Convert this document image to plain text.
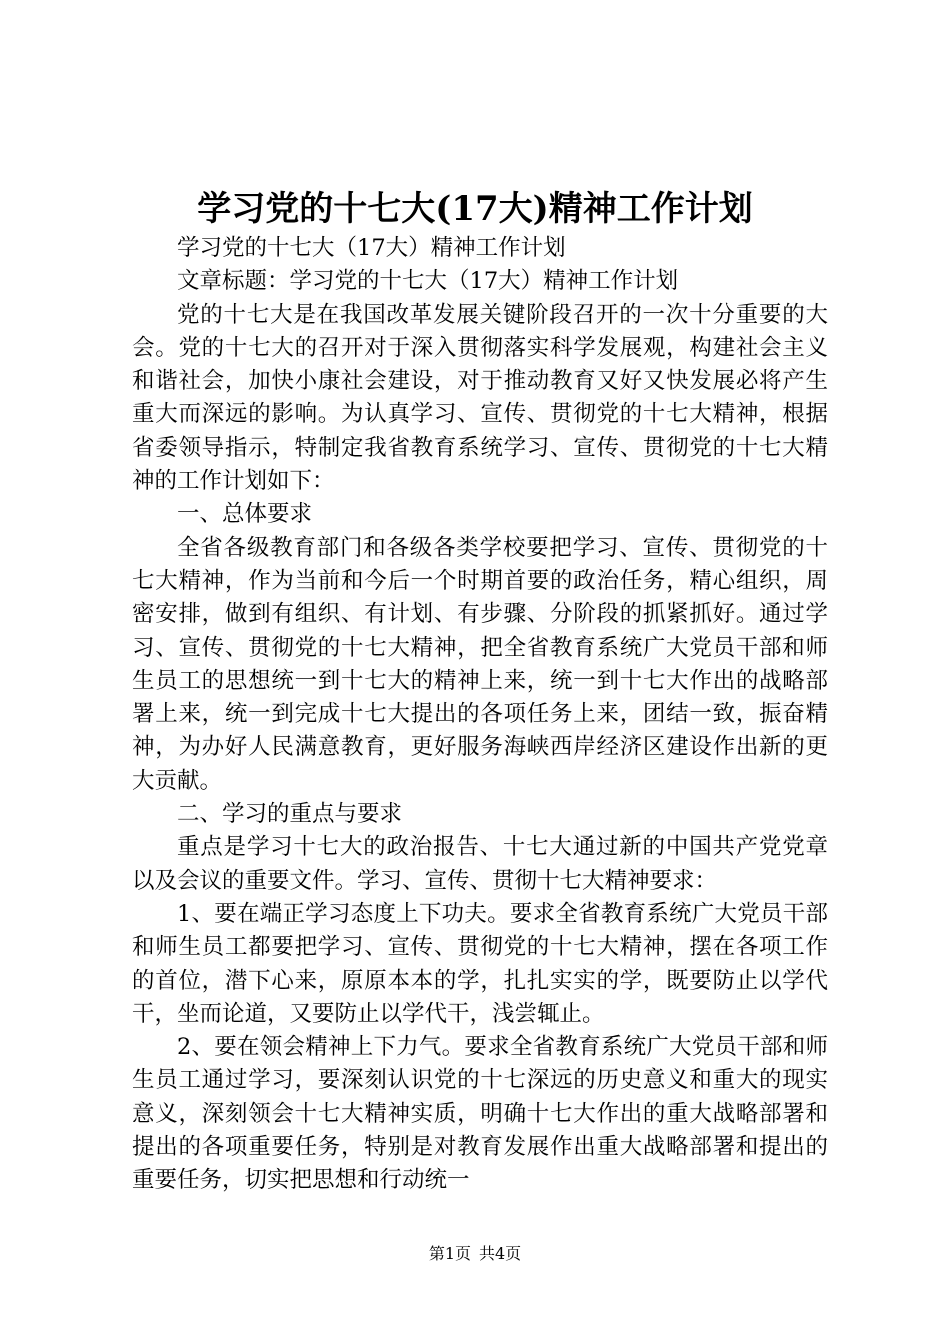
学习党的十七大(17大)精神工作计划

学习党的十七大（17大）精神工作计划

文章标题：学习党的十七大（17大）精神工作计划

党的十七大是在我国改革发展关键阶段召开的一次十分重要的大会。党的十七大的召开对于深入贯彻落实科学发展观，构建社会主义和谐社会，加快小康社会建设，对于推动教育又好又快发展必将产生重大而深远的影响。为认真学习、宣传、贯彻党的十七大精神，根据省委领导指示，特制定我省教育系统学习、宣传、贯彻党的十七大精神的工作计划如下：

一、总体要求

全省各级教育部门和各级各类学校要把学习、宣传、贯彻党的十七大精神，作为当前和今后一个时期首要的政治任务，精心组织，周密安排，做到有组织、有计划、有步骤、分阶段的抓紧抓好。通过学习、宣传、贯彻党的十七大精神，把全省教育系统广大党员干部和师生员工的思想统一到十七大的精神上来，统一到十七大作出的战略部署上来，统一到完成十七大提出的各项任务上来，团结一致，振奋精神，为办好人民满意教育，更好服务海峡西岸经济区建设作出新的更大贡献。

二、学习的重点与要求

重点是学习十七大的政治报告、十七大通过新的中国共产党党章以及会议的重要文件。学习、宣传、贯彻十七大精神要求：

1、要在端正学习态度上下功夫。要求全省教育系统广大党员干部和师生员工都要把学习、宣传、贯彻党的十七大精神，摆在各项工作的首位，潜下心来，原原本本的学，扎扎实实的学，既要防止以学代干，坐而论道，又要防止以学代干，浅尝辄止。

2、要在领会精神上下力气。要求全省教育系统广大党员干部和师生员工通过学习，要深刻认识党的十七深远的历史意义和重大的现实意义，深刻领会十七大精神实质，明确十七大作出的重大战略部署和提出的各项重要任务，特别是对教育发展作出重大战略部署和提出的重要任务，切实把思想和行动统一

第1页 共4页
